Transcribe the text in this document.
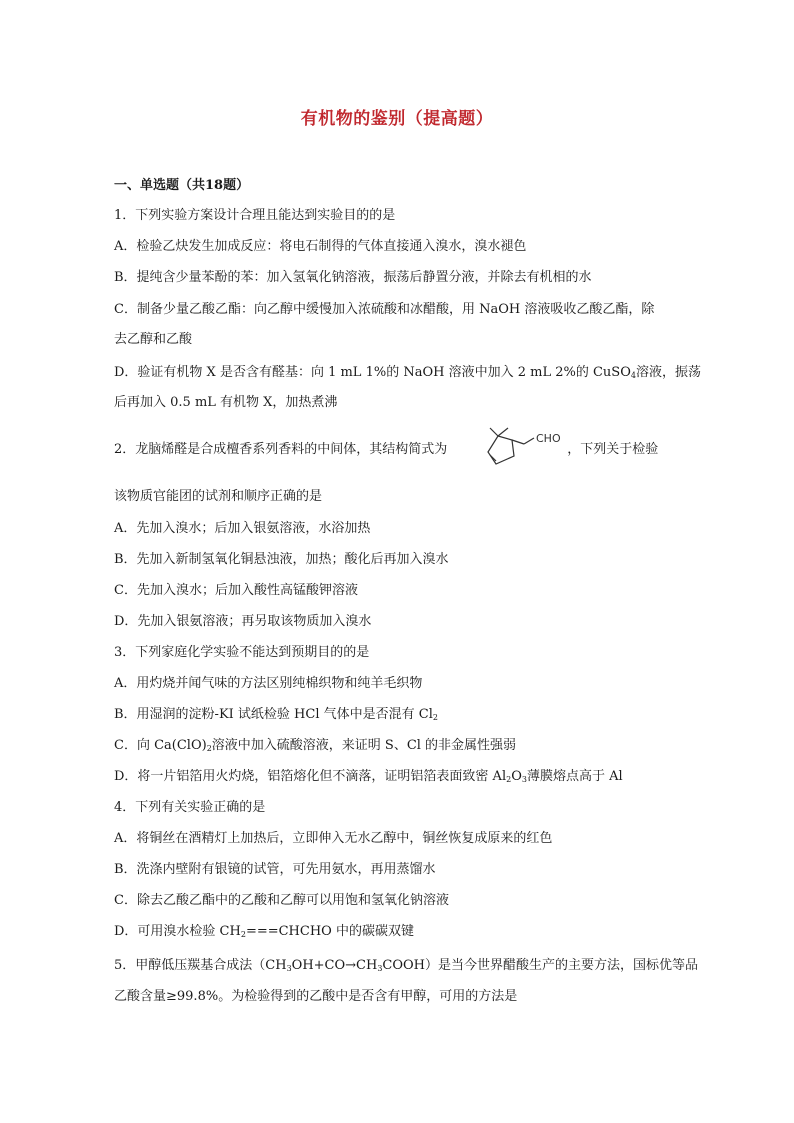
有机物的鉴别（提高题）
一、单选题（共18题）
1．下列实验方案设计合理且能达到实验目的的是
A．检验乙炔发生加成反应：将电石制得的气体直接通入溴水，溴水褪色
B．提纯含少量苯酚的苯：加入氢氧化钠溶液，振荡后静置分液，并除去有机相的水
C．制备少量乙酸乙酯：向乙醇中缓慢加入浓硫酸和冰醋酸，用 NaOH 溶液吸收乙酸乙酯，除
去乙醇和乙酸
D．验证有机物 X 是否含有醛基：向 1 mL 1%的 NaOH 溶液中加入 2 mL 2%的 CuSO$_4$溶液，振荡
后再加入 0.5 mL 有机物 X，加热煮沸
2．龙脑烯醛是合成檀香系列香料的中间体，其结构简式为	，下列关于检验
CHO
该物质官能团的试剂和顺序正确的是
A．先加入溴水；后加入银氨溶液，水浴加热
B．先加入新制氢氧化铜悬浊液，加热；酸化后再加入溴水
C．先加入溴水；后加入酸性高锰酸钾溶液
D．先加入银氨溶液；再另取该物质加入溴水
3．下列家庭化学实验不能达到预期目的的是
A．用灼烧并闻气味的方法区别纯棉织物和纯羊毛织物
B．用湿润的淀粉-KI 试纸检验 HCl 气体中是否混有 $Cl_2$
C．向 $Ca(ClO)_2$溶液中加入硫酸溶液，来证明 S、Cl 的非金属性强弱
D．将一片铝箔用火灼烧，铝箔熔化但不滴落，证明铝箔表面致密 $Al_2O_3$薄膜熔点高于 Al
4．下列有关实验正确的是
A．将铜丝在酒精灯上加热后，立即伸入无水乙醇中，铜丝恢复成原来的红色
B．洗涤内壁附有银镜的试管，可先用氨水，再用蒸馏水
C．除去乙酸乙酯中的乙酸和乙醇可以用饱和氢氧化钠溶液
D．可用溴水检验 $CH_2===CHCHO$ 中的碳碳双键
5．甲醇低压羰基合成法$(CH_3OH+CO\to CH_3COOH)$是当今世界醋酸生产的主要方法，国标优等品
乙酸含量≥99.8%。为检验得到的乙酸中是否含有甲醇，可用的方法是
